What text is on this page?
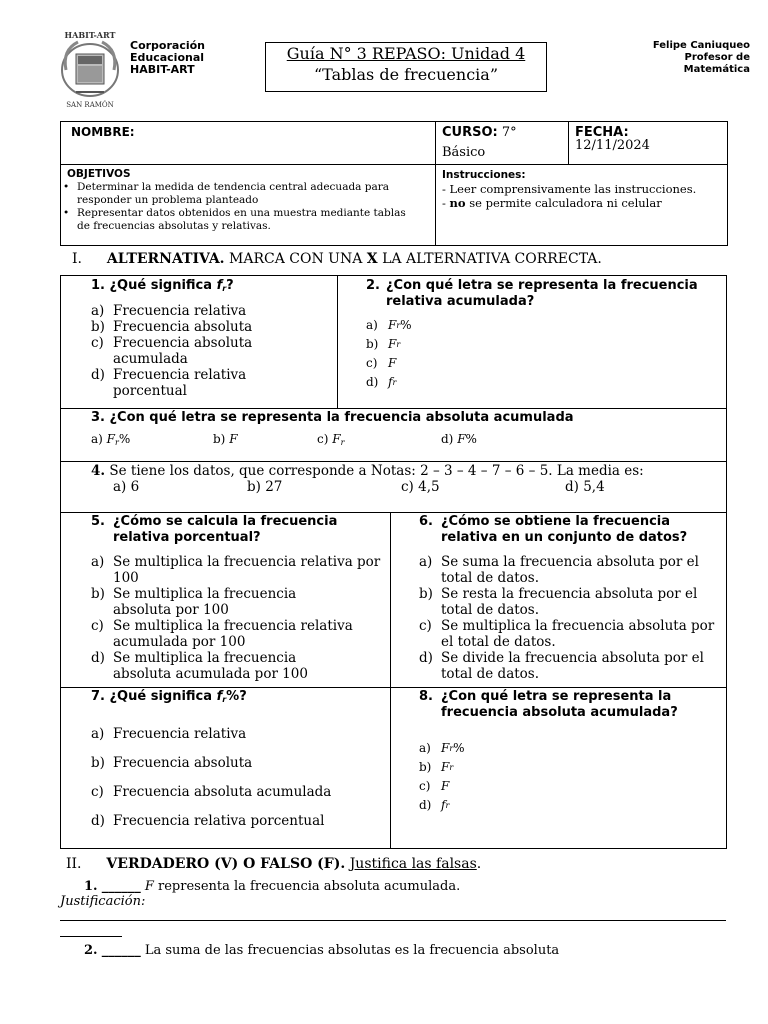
HABIT-ART
SAN RAMÓN
Corporación
Educacional
HABIT-ART
Guía N° 3 REPASO: Unidad 4
“Tablas de frecuencia”
Felipe Caniuqueo
Profesor de
Matemática
NOMBRE:	CURSO: 7°
Básico
FECHA:
12/11/2024
OBJETIVOS
• Determinar la medida de tendencia central adecuada para responder un problema planteado
• Representar datos obtenidos en una muestra mediante tablas de frecuencias absolutas y relativas.
Instrucciones:
- Leer comprensivamente las instrucciones.
- no se permite calculadora ni celular
I. ALTERNATIVA. MARCA CON UNA X LA ALTERNATIVA CORRECTA.
1. ¿Qué significa $f_r$?
a) Frecuencia relativa
b) Frecuencia absoluta
c) Frecuencia absoluta acumulada
d) Frecuencia relativa porcentual
2. ¿Con qué letra se representa la frecuencia relativa acumulada?
a) F r %
b) F r
c) F
d) f r
3. ¿Con qué letra se representa la frecuencia absoluta acumulada
a) $F_r\%$	b) F	c) $F_r$	d) F%
4. Se tiene los datos, que corresponde a Notas: 2 – 3 – 4 – 7 – 6 – 5. La media es:
a) 6	b) 27	c) 4,5	d) 5,4
5. ¿Cómo se calcula la frecuencia relativa porcentual?
a) Se multiplica la frecuencia relativa por 100
b) Se multiplica la frecuencia absoluta por 100
c) Se multiplica la frecuencia relativa acumulada por 100
d) Se multiplica la frecuencia absoluta acumulada por 100
6. ¿Cómo se obtiene la frecuencia relativa en un conjunto de datos?
a) Se suma la frecuencia absoluta por el total de datos.
b) Se resta la frecuencia absoluta por el total de datos.
c) Se multiplica la frecuencia absoluta por el total de datos.
d) Se divide la frecuencia absoluta por el total de datos.
7. ¿Qué significa $f_r\%$?
a) Frecuencia relativa
b) Frecuencia absoluta
c) Frecuencia absoluta acumulada
d) Frecuencia relativa porcentual
8. ¿Con qué letra se representa la frecuencia absoluta acumulada?
a) F r %
b) F r
c) F
d) f r
II. VERDADERO (V) O FALSO (F). Justifica las falsas.
1. ______ F representa la frecuencia absoluta acumulada.
Justificación:
2. ______ La suma de las frecuencias absolutas es la frecuencia absoluta
